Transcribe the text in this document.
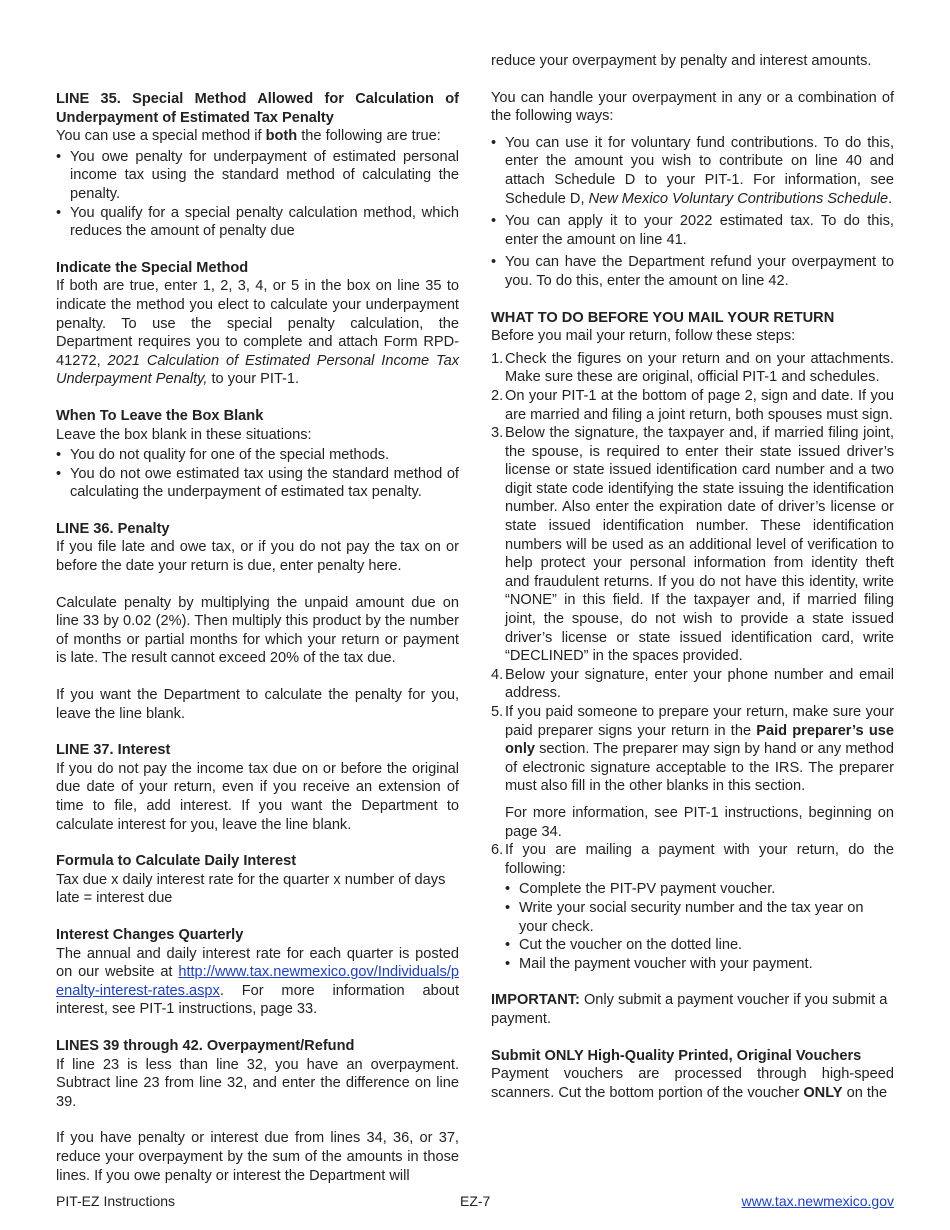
LINE 35. Special Method Allowed for Calculation of Underpayment of Estimated Tax Penalty

You can use a special method if both the following are true:

• You owe penalty for underpayment of estimated personal income tax using the standard method of calculating the penalty.
• You qualify for a special penalty calculation method, which reduces the amount of penalty due

Indicate the Special Method

If both are true, enter 1, 2, 3, 4, or 5 in the box on line 35 to indicate the method you elect to calculate your underpayment penalty. To use the special penalty calculation, the Department requires you to complete and attach Form RPD-41272, 2021 Calculation of Estimated Personal Income Tax Underpayment Penalty, to your PIT-1.

When To Leave the Box Blank

Leave the box blank in these situations:

• You do not quality for one of the special methods.
• You do not owe estimated tax using the standard method of calculating the underpayment of estimated tax penalty.

LINE 36. Penalty

If you file late and owe tax, or if you do not pay the tax on or before the date your return is due, enter penalty here.

Calculate penalty by multiplying the unpaid amount due on line 33 by 0.02 (2%). Then multiply this product by the number of months or partial months for which your return or payment is late. The result cannot exceed 20% of the tax due.

If you want the Department to calculate the penalty for you, leave the line blank.

LINE 37. Interest

If you do not pay the income tax due on or before the original due date of your return, even if you receive an extension of time to file, add interest. If you want the Department to calculate interest for you, leave the line blank.

Formula to Calculate Daily Interest

Tax due x daily interest rate for the quarter x number of days late = interest due

Interest Changes Quarterly

The annual and daily interest rate for each quarter is posted on our website at http://www.tax.newmexico.gov/Individuals/penalty-interest-rates.aspx. For more information about interest, see PIT-1 instructions, page 33.

LINES 39 through 42. Overpayment/Refund

If line 23 is less than line 32, you have an overpayment. Subtract line 23 from line 32, and enter the difference on line 39.

If you have penalty or interest due from lines 34, 36, or 37, reduce your overpayment by the sum of the amounts in those lines. If you owe penalty or interest the Department will

reduce your overpayment by penalty and interest amounts.

You can handle your overpayment in any or a combination of the following ways:

• You can use it for voluntary fund contributions. To do this, enter the amount you wish to contribute on line 40 and attach Schedule D to your PIT-1. For information, see Schedule D, New Mexico Voluntary Contributions Schedule.
• You can apply it to your 2022 estimated tax. To do this, enter the amount on line 41.
• You can have the Department refund your overpayment to you. To do this, enter the amount on line 42.

WHAT TO DO BEFORE YOU MAIL YOUR RETURN

Before you mail your return, follow these steps:

1. Check the figures on your return and on your attachments. Make sure these are original, official PIT-1 and schedules.
2. On your PIT-1 at the bottom of page 2, sign and date. If you are married and filing a joint return, both spouses must sign.
3. Below the signature, the taxpayer and, if married filing joint, the spouse, is required to enter their state issued driver’s license or state issued identification card number and a two digit state code identifying the state issuing the identification number. Also enter the expiration date of driver’s license or state issued identification number. These identification numbers will be used as an additional level of verification to help protect your personal information from identity theft and fraudulent returns. If you do not have this identity, write “NONE” in this field. If the taxpayer and, if married filing joint, the spouse, do not wish to provide a state issued driver’s license or state issued identification card, write “DECLINED” in the spaces provided.
4. Below your signature, enter your phone number and email address.
5. If you paid someone to prepare your return, make sure your paid preparer signs your return in the Paid preparer’s use only section. The preparer may sign by hand or any method of electronic signature acceptable to the IRS. The preparer must also fill in the other blanks in this section.

For more information, see PIT-1 instructions, beginning on page 34.

6. If you are mailing a payment with your return, do the following:
• Complete the PIT-PV payment voucher.
• Write your social security number and the tax year on your check.
• Cut the voucher on the dotted line.
• Mail the payment voucher with your payment.

IMPORTANT: Only submit a payment voucher if you submit a payment.

Submit ONLY High-Quality Printed, Original Vouchers

Payment vouchers are processed through high-speed scanners. Cut the bottom portion of the voucher ONLY on the

PIT-EZ Instructions	EZ-7	www.tax.newmexico.gov
